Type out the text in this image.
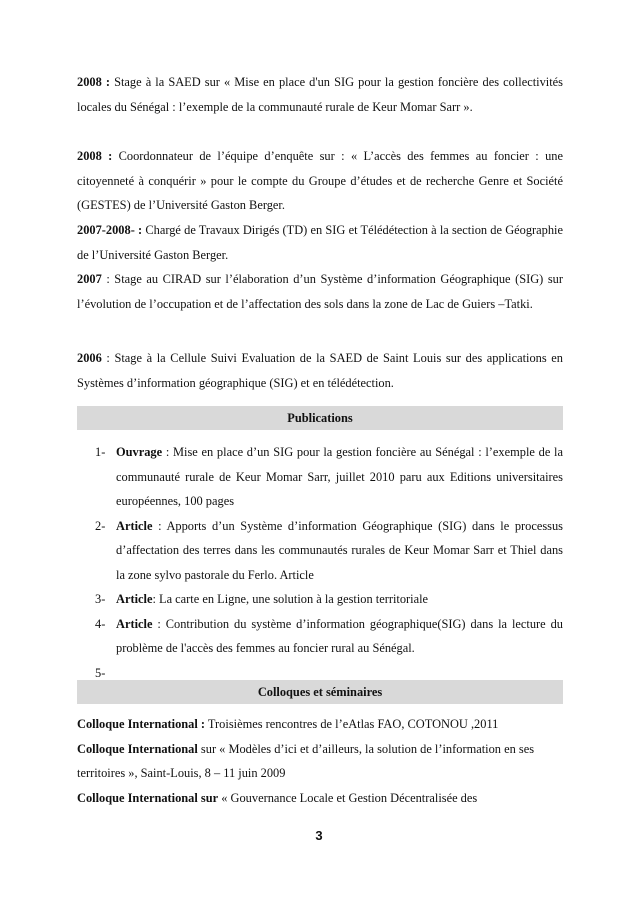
2008 : Stage à la SAED sur « Mise en place d'un SIG pour la gestion foncière des collectivités locales du Sénégal : l’exemple de la communauté rurale de Keur Momar Sarr ».

2008 : Coordonnateur de l’équipe d’enquête sur : « L’accès des femmes au foncier : une citoyenneté à conquérir » pour le compte du Groupe d’études et de recherche Genre et Société (GESTES) de l’Université Gaston Berger.

2007-2008- : Chargé de Travaux Dirigés (TD) en SIG et Télédétection à la section de Géographie de l’Université Gaston Berger.

2007 : Stage au CIRAD sur l’élaboration d’un Système d’information Géographique (SIG) sur l’évolution de l’occupation et de l’affectation des sols dans la zone de Lac de Guiers –Tatki.

2006 : Stage à la Cellule Suivi Evaluation de la SAED de Saint Louis sur des applications en Systèmes d’information géographique (SIG) et en télédétection.

Publications
1- Ouvrage : Mise en place d’un SIG pour la gestion foncière au Sénégal : l’exemple de la communauté rurale de Keur Momar Sarr, juillet 2010 paru aux Editions universitaires européennes, 100 pages
2- Article : Apports d’un Système d’information Géographique (SIG) dans le processus d’affectation des terres dans les communautés rurales de Keur Momar Sarr et Thiel dans la zone sylvo pastorale du Ferlo. Article
3- Article: La carte en Ligne, une solution à la gestion territoriale
4- Article : Contribution du système d’information géographique(SIG) dans la lecture du problème de l'accès des femmes au foncier rural au Sénégal.
5-
Colloques et séminaires

Colloque International : Troisièmes rencontres de l’eAtlas FAO, COTONOU ,2011

Colloque International sur « Modèles d’ici et d’ailleurs, la solution de l’information en ses territoires », Saint-Louis, 8 – 11 juin 2009

Colloque International sur « Gouvernance Locale et Gestion Décentralisée des

3
